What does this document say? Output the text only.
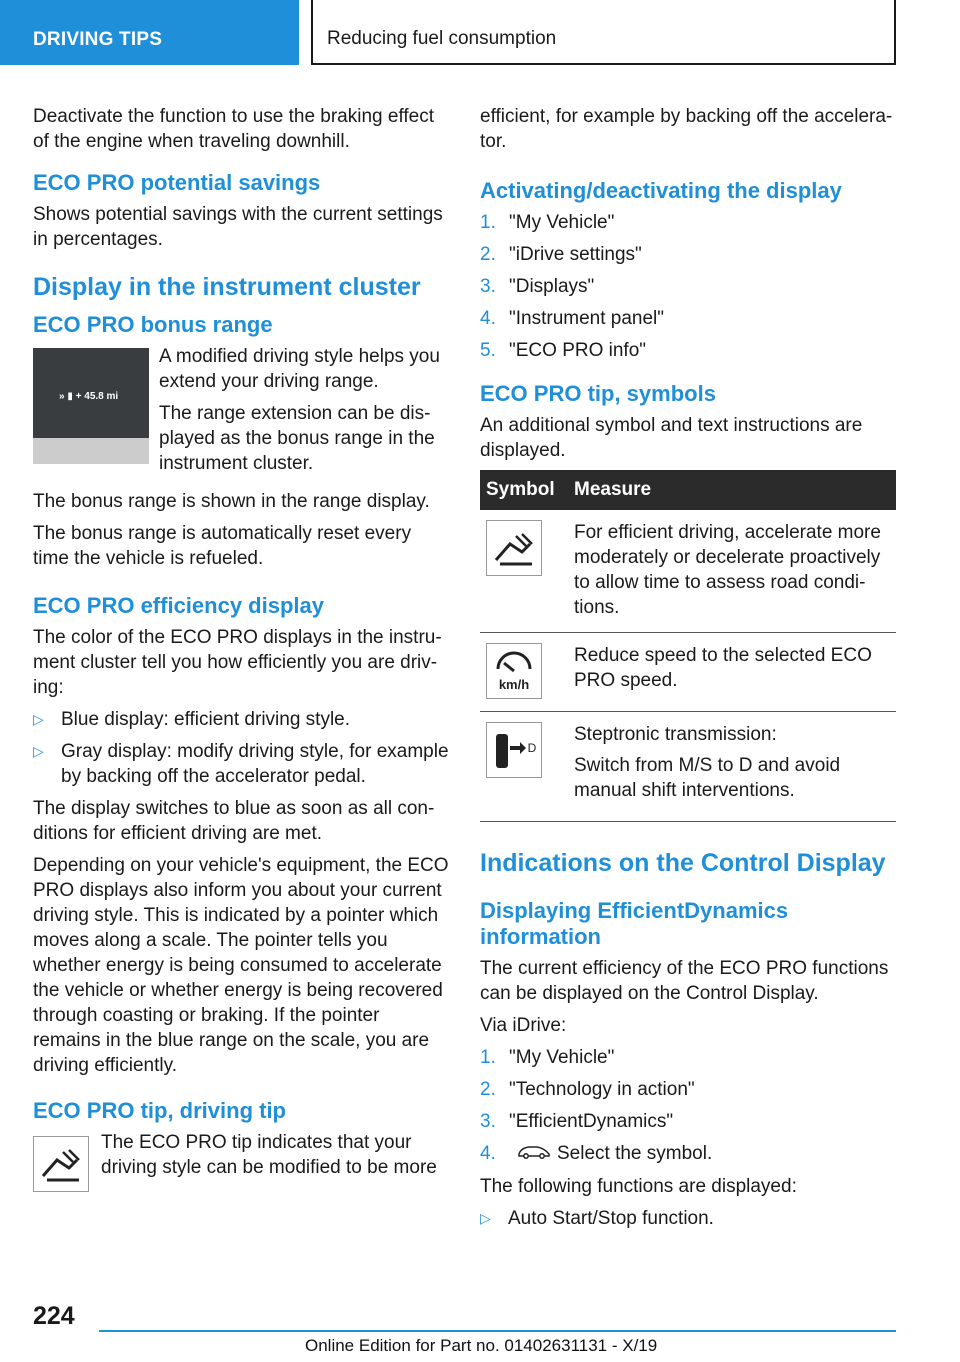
DRIVING TIPS	Reducing fuel consumption

Deactivate the function to use the braking effect of the engine when traveling downhill.

ECO PRO potential savings

Shows potential savings with the current settings in percentages.

Display in the instrument cluster
ECO PRO bonus range
» ▮ + 45.8 mi

A modified driving style helps you extend your driving range.

The range extension can be dis‐played as the bonus range in the instrument cluster.

The bonus range is shown in the range display.

The bonus range is automatically reset every time the vehicle is refueled.

ECO PRO efficiency display

The color of the ECO PRO displays in the instru‐ment cluster tell you how efficiently you are driv‐ing:

▷ Blue display: efficient driving style.
▷ Gray display: modify driving style, for example by backing off the accelerator pedal.

The display switches to blue as soon as all con‐ditions for efficient driving are met.

Depending on your vehicle's equipment, the ECO PRO displays also inform you about your current driving style. This is indicated by a pointer which moves along a scale. The pointer tells you whether energy is being consumed to accelerate the vehicle or whether energy is being recovered through coasting or braking. If the pointer remains in the blue range on the scale, you are driving efficiently.

ECO PRO tip, driving tip

The ECO PRO tip indicates that your driving style can be modified to be more

efficient, for example by backing off the accelera‐tor.

Activating/deactivating the display
1. "My Vehicle"
2. "iDrive settings"
3. "Displays"
4. "Instrument panel"
5. "ECO PRO info"
ECO PRO tip, symbols

An additional symbol and text instructions are displayed.

Symbol	Measure

	For efficient driving, accelerate more moderately or decelerate proactively to allow time to assess road condi‐tions.

km/h	Reduce speed to the selected ECO PRO speed.

D	Steptronic transmission:

Switch from M/S to D and avoid manual shift interventions.

Indications on the Control Display
Displaying EfficientDynamics information

The current efficiency of the ECO PRO functions can be displayed on the Control Display.

Via iDrive:

1. "My Vehicle"
2. "Technology in action"
3. "EfficientDynamics"
4.	Select the symbol.

The following functions are displayed:

▷ Auto Start/Stop function.
224
Online Edition for Part no. 01402631131 - X/19
